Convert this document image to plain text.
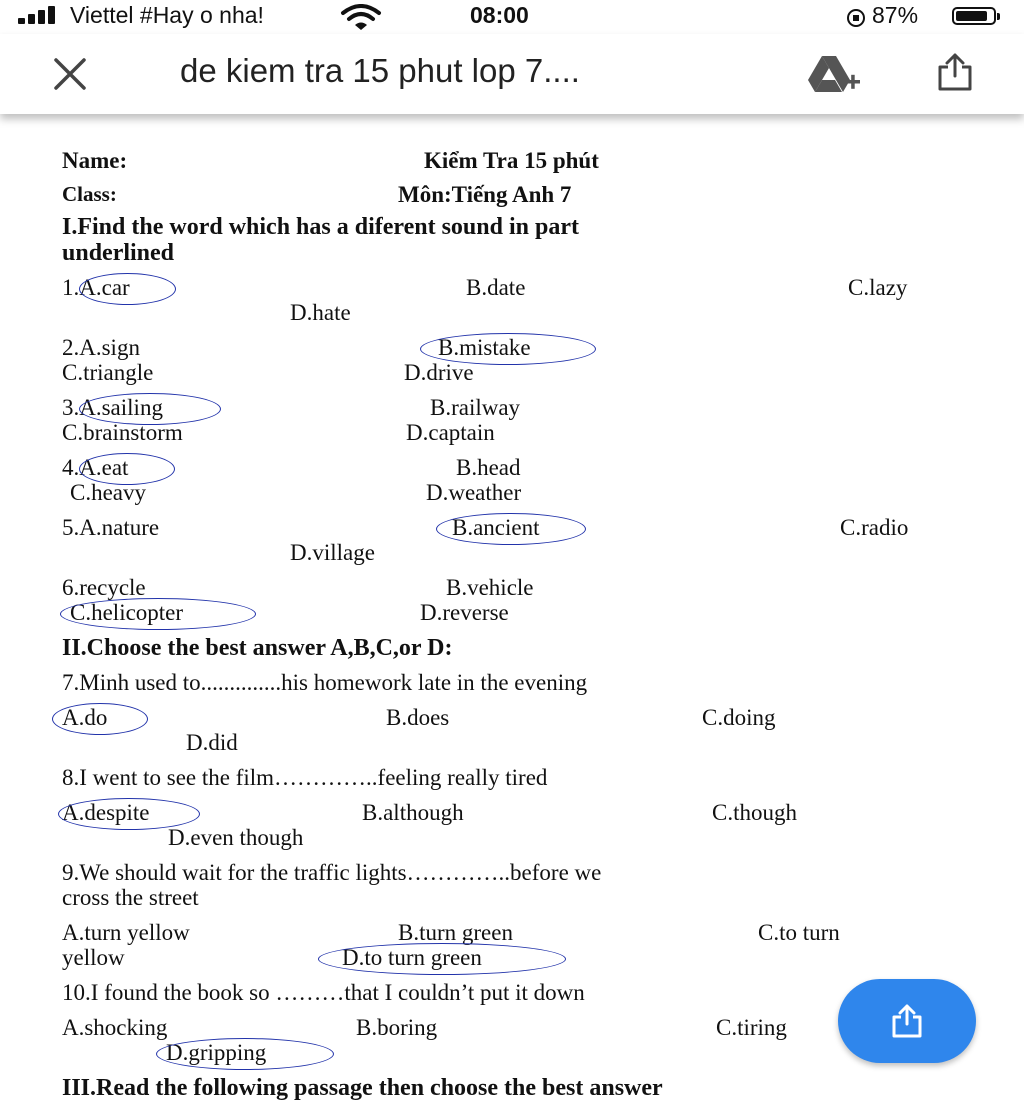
Viettel #Hay o nha!	08:00	87%
de kiem tra 15 phut lop 7....
Name:	Kiểm Tra 15 phút
Class:	Môn:Tiếng Anh 7
I.Find the word which has a diferent sound in part
underlined
1.A.car	B.date	C.lazy
D.hate
2.A.sign	B.mistake
C.triangle	D.drive
3.A.sailing	B.railway
C.brainstorm	D.captain
4.A.eat	B.head
C.heavy	D.weather
5.A.nature	B.ancient	C.radio
D.village
6.recycle	B.vehicle
C.helicopter	D.reverse
II.Choose the best answer A,B,C,or D:
7.Minh used to..............his homework late in the evening
A.do	B.does	C.doing
D.did
8.I went to see the film…………..feeling really tired
A.despite	B.although	C.though
D.even though
9.We should wait for the traffic lights…………..before we
cross the street
A.turn yellow	B.turn green	C.to turn
yellow	D.to turn green
10.I found the book so ………that I couldn’t put it down
A.shocking	B.boring	C.tiring
D.gripping
III.Read the following passage then choose the best answer
